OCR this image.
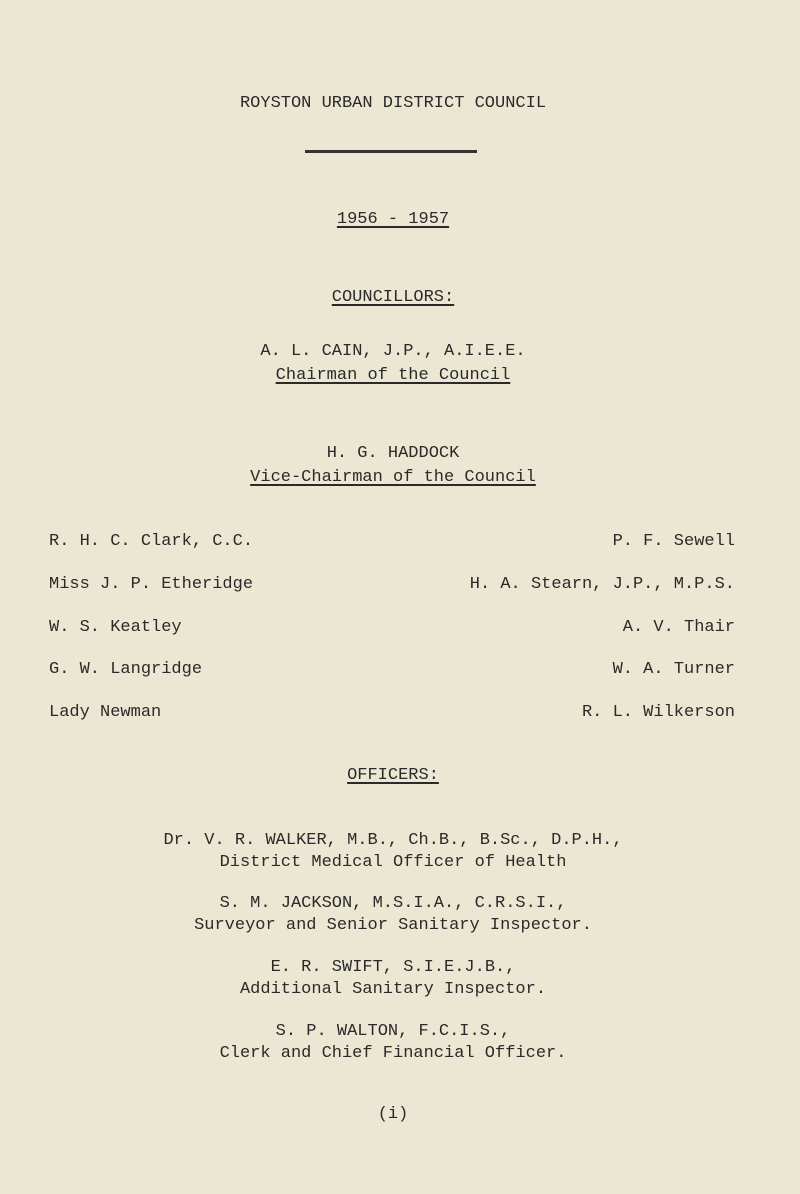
ROYSTON URBAN DISTRICT COUNCIL
1956 - 1957
COUNCILLORS:
A. L. CAIN, J.P., A.I.E.E.
Chairman of the Council
H. G. HADDOCK
Vice-Chairman of the Council
R. H. C. Clark, C.C.
Miss J. P. Etheridge
W. S. Keatley
G. W. Langridge
Lady Newman
P. F. Sewell
H. A. Stearn, J.P., M.P.S.
A. V. Thair
W. A. Turner
R. L. Wilkerson
OFFICERS:
Dr. V. R. WALKER, M.B., Ch.B., B.Sc., D.P.H.,
District Medical Officer of Health
S. M. JACKSON, M.S.I.A., C.R.S.I.,
Surveyor and Senior Sanitary Inspector.
E. R. SWIFT, S.I.E.J.B.,
Additional Sanitary Inspector.
S. P. WALTON, F.C.I.S.,
Clerk and Chief Financial Officer.
(i)
